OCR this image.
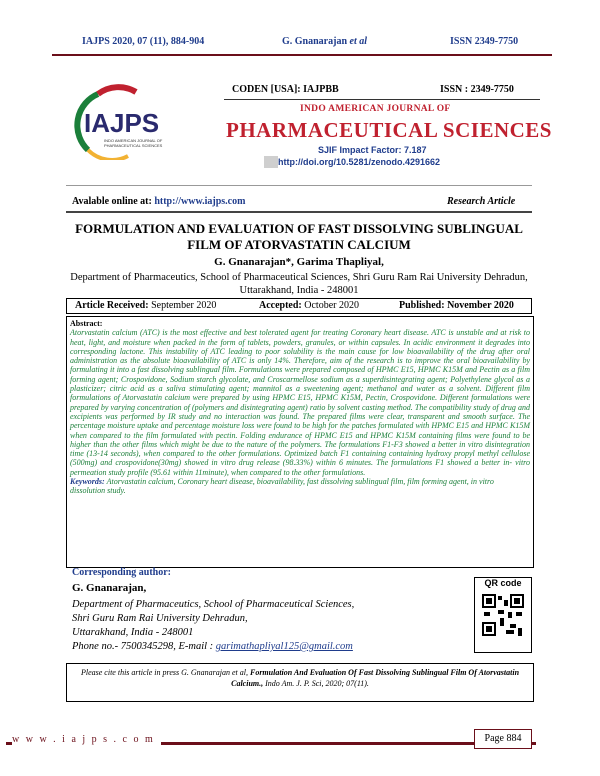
IAJPS 2020, 07 (11), 884-904	G. Gnanarajan et al	ISSN 2349-7750
IAJPS
INDO AMERICAN JOURNAL OF
PHARMACEUTICAL SCIENCES
CODEN [USA]: IAJPBB	ISSN : 2349-7750
INDO AMERICAN JOURNAL OF
PHARMACEUTICAL SCIENCES
SJIF Impact Factor: 7.187
http://doi.org/10.5281/zenodo.4291662
Avalable online at: http://www.iajps.com	Research Article
FORMULATION AND EVALUATION OF FAST DISSOLVING SUBLINGUAL FILM OF ATORVASTATIN CALCIUM
G. Gnanarajan*, Garima Thapliyal,
Department of Pharmaceutics, School of Pharmaceutical Sciences, Shri Guru Ram Rai University Dehradun, Uttarakhand, India - 248001
Article Received: September 2020	Accepted: October 2020	Published: November 2020
Abstract:
Atorvastatin calcium (ATC) is the most effective and best tolerated agent for treating Coronary heart disease. ATC is unstable and at risk to heat, light, and moisture when packed in the form of tablets, powders, granules, or within capsules. In acidic environment it degrades into corresponding lactone. This instability of ATC leading to poor solubility is the main cause for low bioavailability of the drug after oral administration as the absolute bioavailability of ATC is only 14%. Therefore, aim of the research is to improve the oral bioavailability by formulating it into a fast dissolving sublingual film. Formulations were prepared composed of HPMC E15, HPMC K15M and Pectin as a film forming agent; Crospovidone, Sodium starch glycolate, and Croscarmellose sodium as a superdisintegrating agent; Polyethylene glycol as a plasticizer; citric acid as a saliva stimulating agent; mannitol as a sweetening agent; methanol and water as a solvent. Different film formulations of Atorvastatin calcium were prepared by using HPMC E15, HPMC K15M, Pectin, Crospovidone. Different formulations were prepared by varying concentration of (polymers and disintegrating agent) ratio by solvent casting method. The compatibility study of drug and excipients was performed by IR study and no interaction was found. The prepared films were clear, transparent and smooth surface. The percentage moisture uptake and percentage moisture loss were found to be high for the patches formulated with HPMC E15 and HPMC K15M when compared to the film formulated with pectin. Folding endurance of HPMC E15 and HPMC K15M containing films were found to be higher than the other films which might be due to the nature of the polymers. The formulations F1-F3 showed a better in vitro disintegration time (13-14 seconds), when compared to the other formulations. Optimized batch F1 containing containing hydroxy propyl methyl cellulose (500mg) and crospovidone(30mg) showed in vitro drug release (98.33%) within 6 minutes. The formulations F1 showed a better in- vitro permeation study profile (95.61 within 11minute), when compared to the other formulations.
Keywords: Atorvastatin calcium, Coronary heart disease, bioavailability, fast dissolving sublingual film, film forming agent, in vitro dissolution study.
Corresponding author:
G. Gnanarajan,
Department of Pharmaceutics, School of Pharmaceutical Sciences,
Shri Guru Ram Rai University Dehradun,
Uttarakhand, India - 248001
Phone no.- 7500345298, E-mail : garimathapliyal125@gmail.com
QR code
Please cite this article in press G. Gnanarajan et al, Formulation And Evaluation Of Fast Dissolving Sublingual Film Of Atorvastatin Calcium., Indo Am. J. P. Sci, 2020; 07(11).
w w w . i a j p s . c o m	Page 884
